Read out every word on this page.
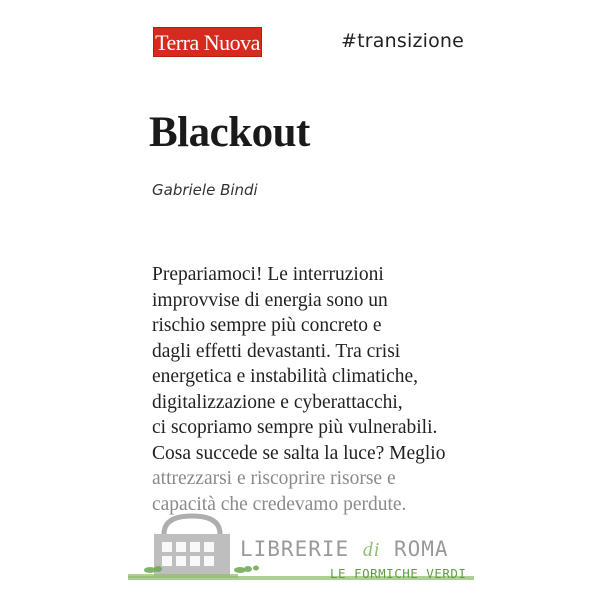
Terra Nuova	#transizione
Blackout
Gabriele Bindi
Prepariamoci! Le interruzioni
improvvise di energia sono un
rischio sempre più concreto e
dagli effetti devastanti. Tra crisi
energetica e instabilità climatiche,
digitalizzazione e cyberattacchi,
ci scopriamo sempre più vulnerabili.
Cosa succede se salta la luce? Meglio
attrezzarsi e riscoprire risorse e
capacità che credevamo perdute.
LIBRERIE di ROMA
LE FORMICHE VERDI
